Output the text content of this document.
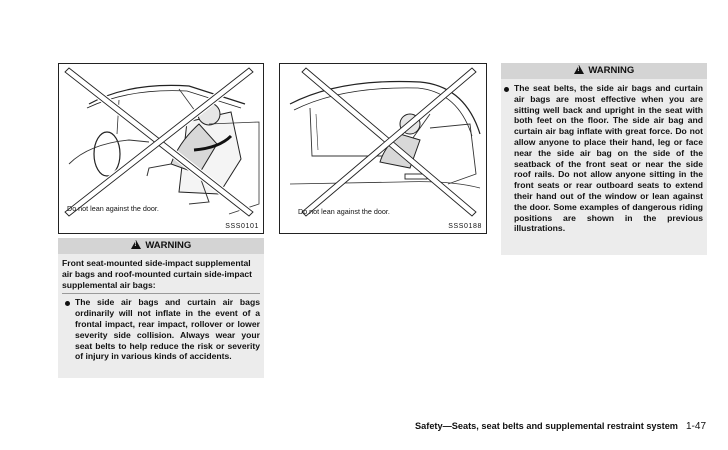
Do not lean against the door.
SSS0101
Do not lean against the door.
SSS0188
! WARNING

Front seat-mounted side-impact supplemental air bags and roof-mounted curtain side-impact supplemental air bags:

The side air bags and curtain air bags ordinarily will not inflate in the event of a frontal impact, rear impact, rollover or lower severity side collision. Always wear your seat belts to help reduce the risk or severity of injury in various kinds of accidents.

! WARNING

The seat belts, the side air bags and curtain air bags are most effective when you are sitting well back and upright in the seat with both feet on the floor. The side air bag and curtain air bag inflate with great force. Do not allow anyone to place their hand, leg or face near the side air bag on the side of the seatback of the front seat or near the side roof rails. Do not allow anyone sitting in the front seats or rear outboard seats to extend their hand out of the window or lean against the door. Some examples of dangerous riding positions are shown in the previous illustrations.

Safety—Seats, seat belts and supplemental restraint system 1-47
